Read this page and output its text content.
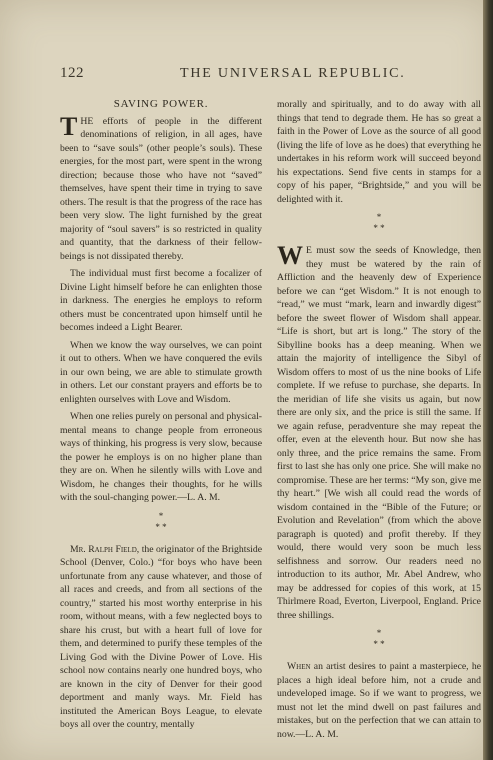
122	THE UNIVERSAL REPUBLIC.
SAVING POWER.

THE efforts of people in the different denominations of religion, in all ages, have been to “save souls” (other people’s souls). These energies, for the most part, were spent in the wrong direction; because those who have not “saved” themselves, have spent their time in trying to save others. The result is that the progress of the race has been very slow. The light furnished by the great majority of “soul savers” is so restricted in quality and quantity, that the darkness of their fellow-beings is not dissipated thereby.

The individual must first become a focalizer of Divine Light himself before he can enlighten those in darkness. The energies he employs to reform others must be concentrated upon himself until he becomes indeed a Light Bearer.

When we know the way ourselves, we can point it out to others. When we have conquered the evils in our own being, we are able to stimulate growth in others. Let our constant prayers and efforts be to enlighten ourselves with Love and Wisdom.

When one relies purely on personal and physical-mental means to change people from erroneous ways of thinking, his progress is very slow, because the power he employs is on no higher plane than they are on. When he silently wills with Love and Wisdom, he changes their thoughts, for he wills with the soul-changing power.—L. A. M.

*
* *

Mr. Ralph Field, the originator of the Brightside School (Denver, Colo.) “for boys who have been unfortunate from any cause whatever, and those of all races and creeds, and from all sections of the country,” started his most worthy enterprise in his room, without means, with a few neglected boys to share his crust, but with a heart full of love for them, and determined to purify these temples of the Living God with the Divine Power of Love. His school now contains nearly one hundred boys, who are known in the city of Denver for their good deportment and manly ways. Mr. Field has instituted the American Boys League, to elevate boys all over the country, mentally

morally and spiritually, and to do away with all things that tend to degrade them. He has so great a faith in the Power of Love as the source of all good (living the life of love as he does) that everything he undertakes in his reform work will succeed beyond his expectations. Send five cents in stamps for a copy of his paper, “Brightside,” and you will be delighted with it.

*
* *

W E must sow the seeds of Knowledge, then they must be watered by the rain of Affliction and the heavenly dew of Experience before we can “get Wisdom.” It is not enough to “read,” we must “mark, learn and inwardly digest” before the sweet flower of Wisdom shall appear. “Life is short, but art is long.” The story of the Sibylline books has a deep meaning. When we attain the majority of intelligence the Sibyl of Wisdom offers to most of us the nine books of Life complete. If we refuse to purchase, she departs. In the meridian of life she visits us again, but now there are only six, and the price is still the same. If we again refuse, peradventure she may repeat the offer, even at the eleventh hour. But now she has only three, and the price remains the same. From first to last she has only one price. She will make no compromise. These are her terms: “My son, give me thy heart.” [We wish all could read the words of wisdom contained in the “Bible of the Future; or Evolution and Revelation” (from which the above paragraph is quoted) and profit thereby. If they would, there would very soon be much less selfishness and sorrow. Our readers need no introduction to its author, Mr. Abel Andrew, who may be addressed for copies of this work, at 15 Thirlmere Road, Everton, Liverpool, England. Price three shillings.

*
* *

When an artist desires to paint a masterpiece, he places a high ideal before him, not a crude and undeveloped image. So if we want to progress, we must not let the mind dwell on past failures and mistakes, but on the perfection that we can attain to now.—L. A. M.
